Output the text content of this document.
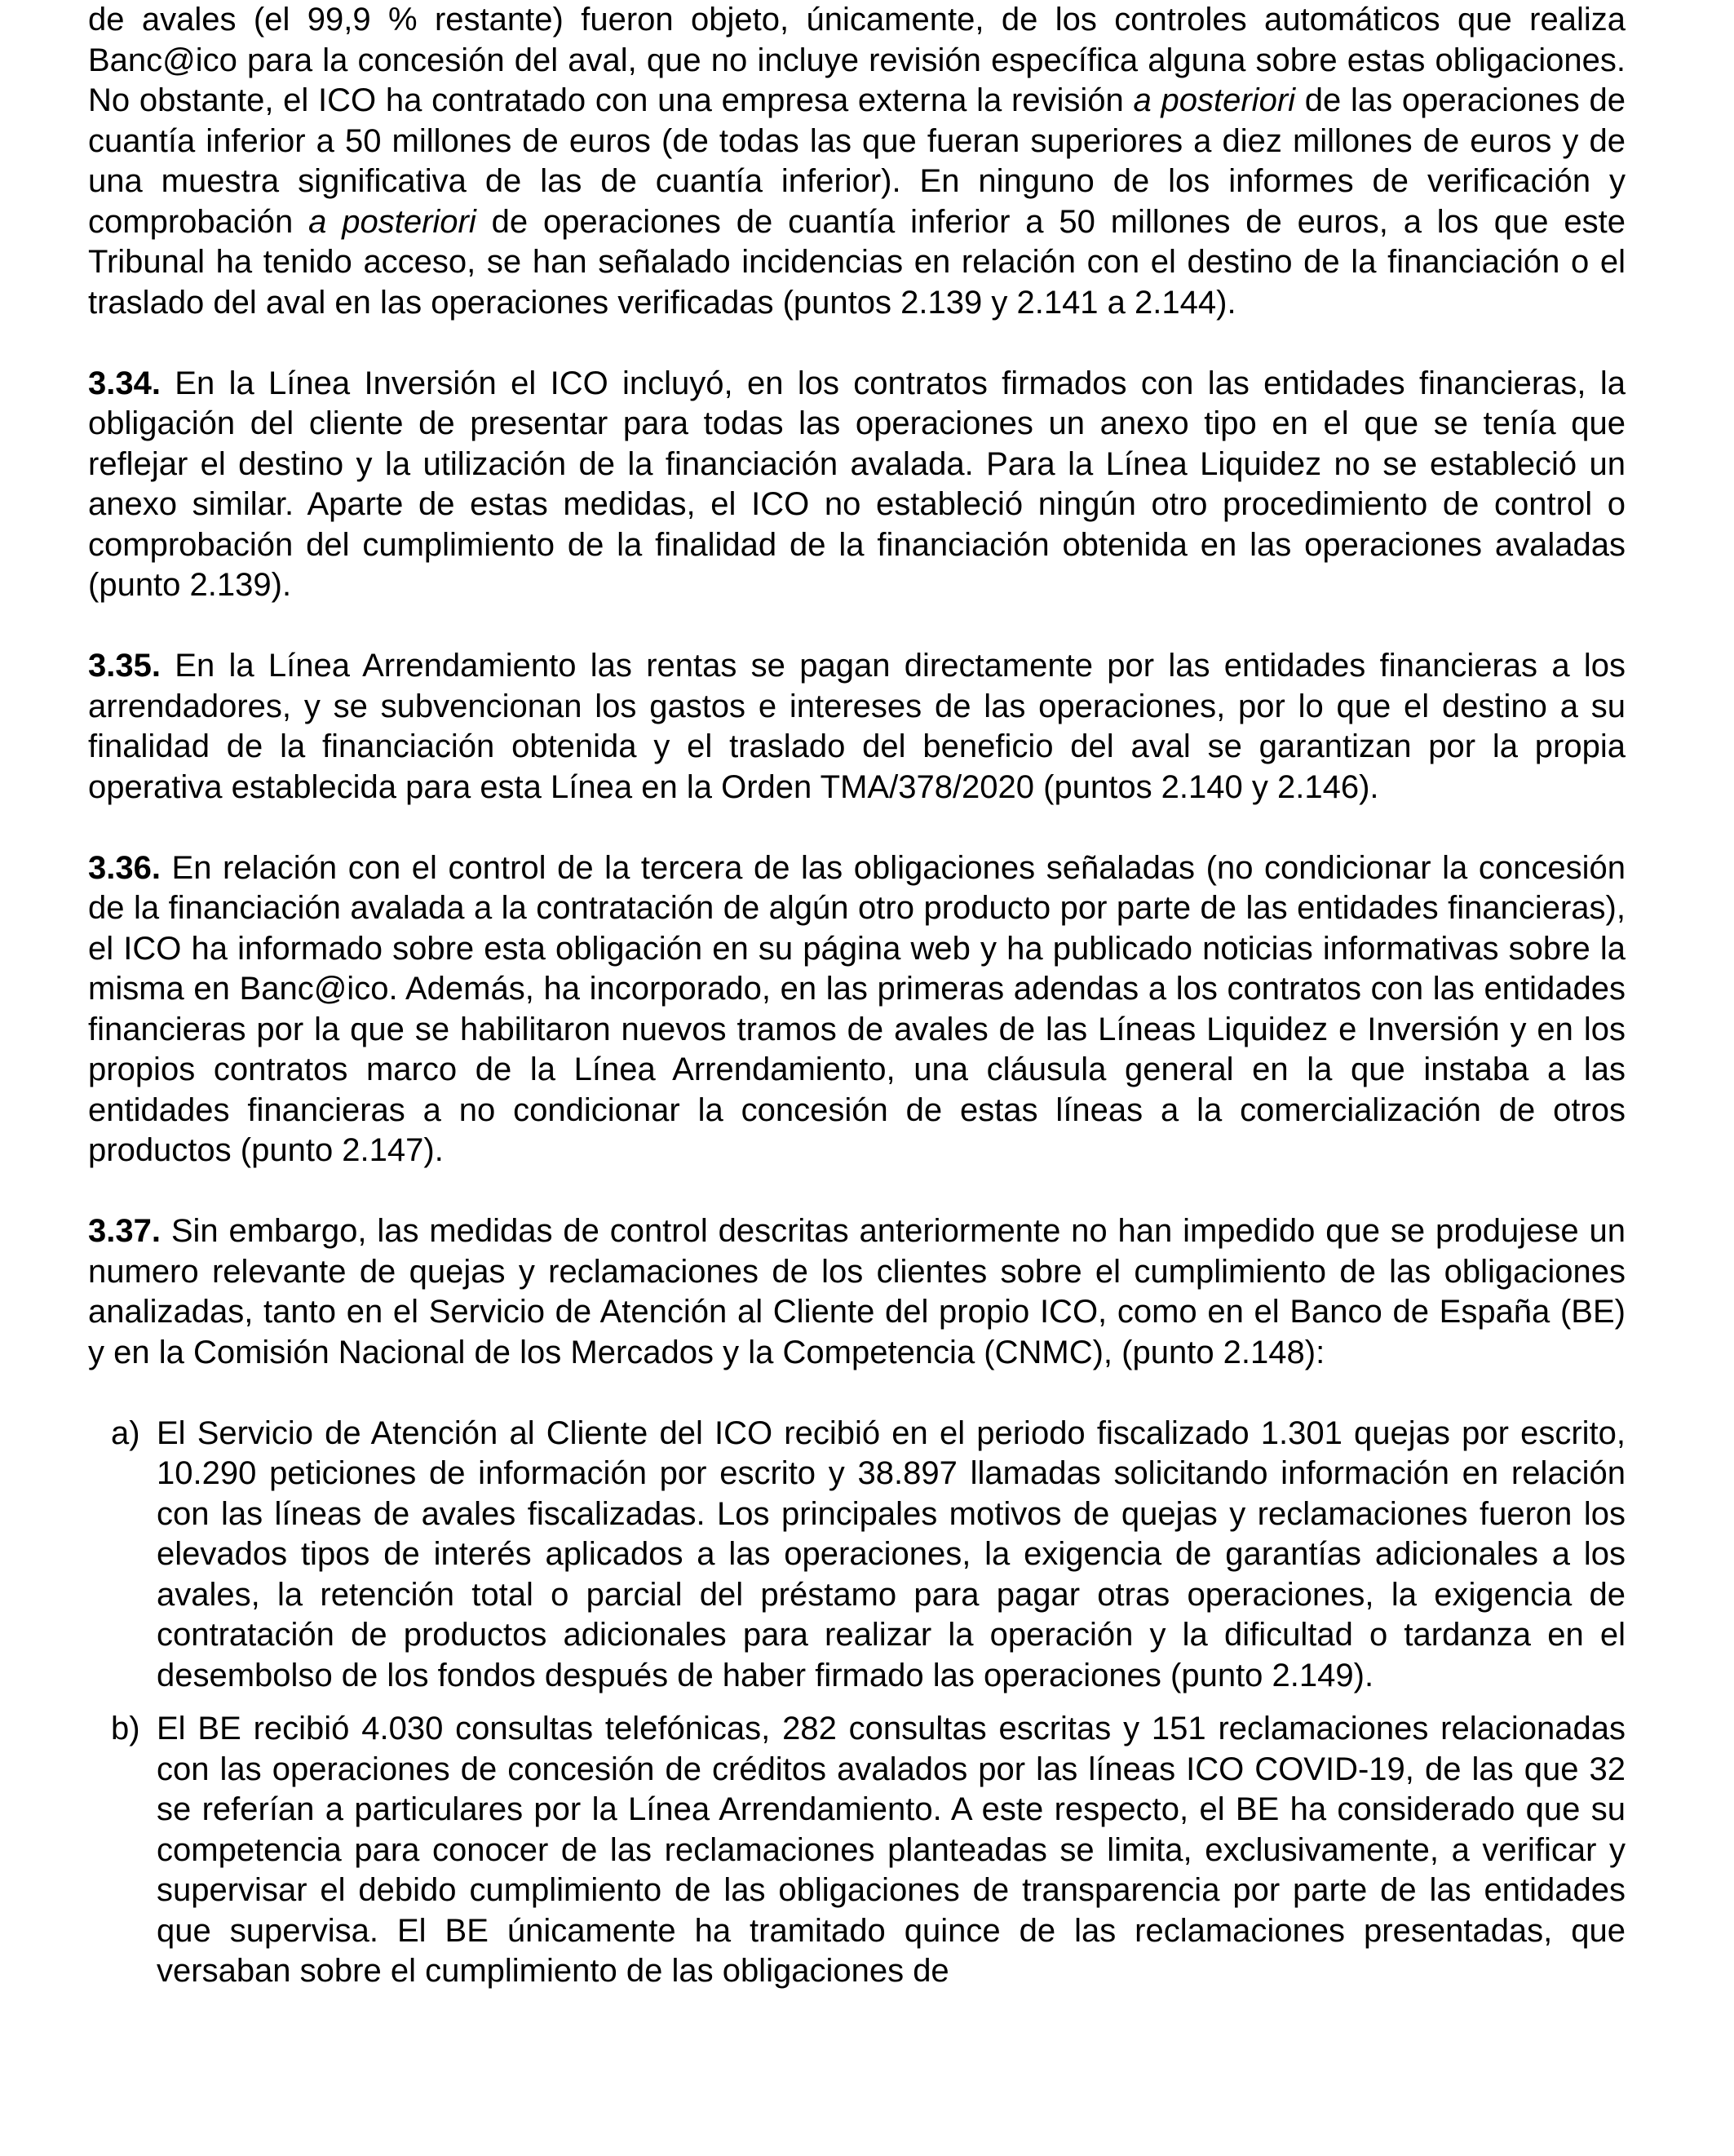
de avales (el 99,9 % restante) fueron objeto, únicamente, de los controles automáticos que realiza Banc@ico para la concesión del aval, que no incluye revisión específica alguna sobre estas obligaciones. No obstante, el ICO ha contratado con una empresa externa la revisión a posteriori de las operaciones de cuantía inferior a 50 millones de euros (de todas las que fueran superiores a diez millones de euros y de una muestra significativa de las de cuantía inferior). En ninguno de los informes de verificación y comprobación a posteriori de operaciones de cuantía inferior a 50 millones de euros, a los que este Tribunal ha tenido acceso, se han señalado incidencias en relación con el destino de la financiación o el traslado del aval en las operaciones verificadas (puntos 2.139 y 2.141 a 2.144).

3.34. En la Línea Inversión el ICO incluyó, en los contratos firmados con las entidades financieras, la obligación del cliente de presentar para todas las operaciones un anexo tipo en el que se tenía que reflejar el destino y la utilización de la financiación avalada. Para la Línea Liquidez no se estableció un anexo similar. Aparte de estas medidas, el ICO no estableció ningún otro procedimiento de control o comprobación del cumplimiento de la finalidad de la financiación obtenida en las operaciones avaladas (punto 2.139).

3.35. En la Línea Arrendamiento las rentas se pagan directamente por las entidades financieras a los arrendadores, y se subvencionan los gastos e intereses de las operaciones, por lo que el destino a su finalidad de la financiación obtenida y el traslado del beneficio del aval se garantizan por la propia operativa establecida para esta Línea en la Orden TMA/378/2020 (puntos 2.140 y 2.146).

3.36. En relación con el control de la tercera de las obligaciones señaladas (no condicionar la concesión de la financiación avalada a la contratación de algún otro producto por parte de las entidades financieras), el ICO ha informado sobre esta obligación en su página web y ha publicado noticias informativas sobre la misma en Banc@ico. Además, ha incorporado, en las primeras adendas a los contratos con las entidades financieras por la que se habilitaron nuevos tramos de avales de las Líneas Liquidez e Inversión y en los propios contratos marco de la Línea Arrendamiento, una cláusula general en la que instaba a las entidades financieras a no condicionar la concesión de estas líneas a la comercialización de otros productos (punto 2.147).

3.37. Sin embargo, las medidas de control descritas anteriormente no han impedido que se produjese un numero relevante de quejas y reclamaciones de los clientes sobre el cumplimiento de las obligaciones analizadas, tanto en el Servicio de Atención al Cliente del propio ICO, como en el Banco de España (BE) y en la Comisión Nacional de los Mercados y la Competencia (CNMC), (punto 2.148):

a) El Servicio de Atención al Cliente del ICO recibió en el periodo fiscalizado 1.301 quejas por escrito, 10.290 peticiones de información por escrito y 38.897 llamadas solicitando información en relación con las líneas de avales fiscalizadas. Los principales motivos de quejas y reclamaciones fueron los elevados tipos de interés aplicados a las operaciones, la exigencia de garantías adicionales a los avales, la retención total o parcial del préstamo para pagar otras operaciones, la exigencia de contratación de productos adicionales para realizar la operación y la dificultad o tardanza en el desembolso de los fondos después de haber firmado las operaciones (punto 2.149).
b) El BE recibió 4.030 consultas telefónicas, 282 consultas escritas y 151 reclamaciones relacionadas con las operaciones de concesión de créditos avalados por las líneas ICO COVID-19, de las que 32 se referían a particulares por la Línea Arrendamiento. A este respecto, el BE ha considerado que su competencia para conocer de las reclamaciones planteadas se limita, exclusivamente, a verificar y supervisar el debido cumplimiento de las obligaciones de transparencia por parte de las entidades que supervisa. El BE únicamente ha tramitado quince de las reclamaciones presentadas, que versaban sobre el cumplimiento de las obligaciones de
